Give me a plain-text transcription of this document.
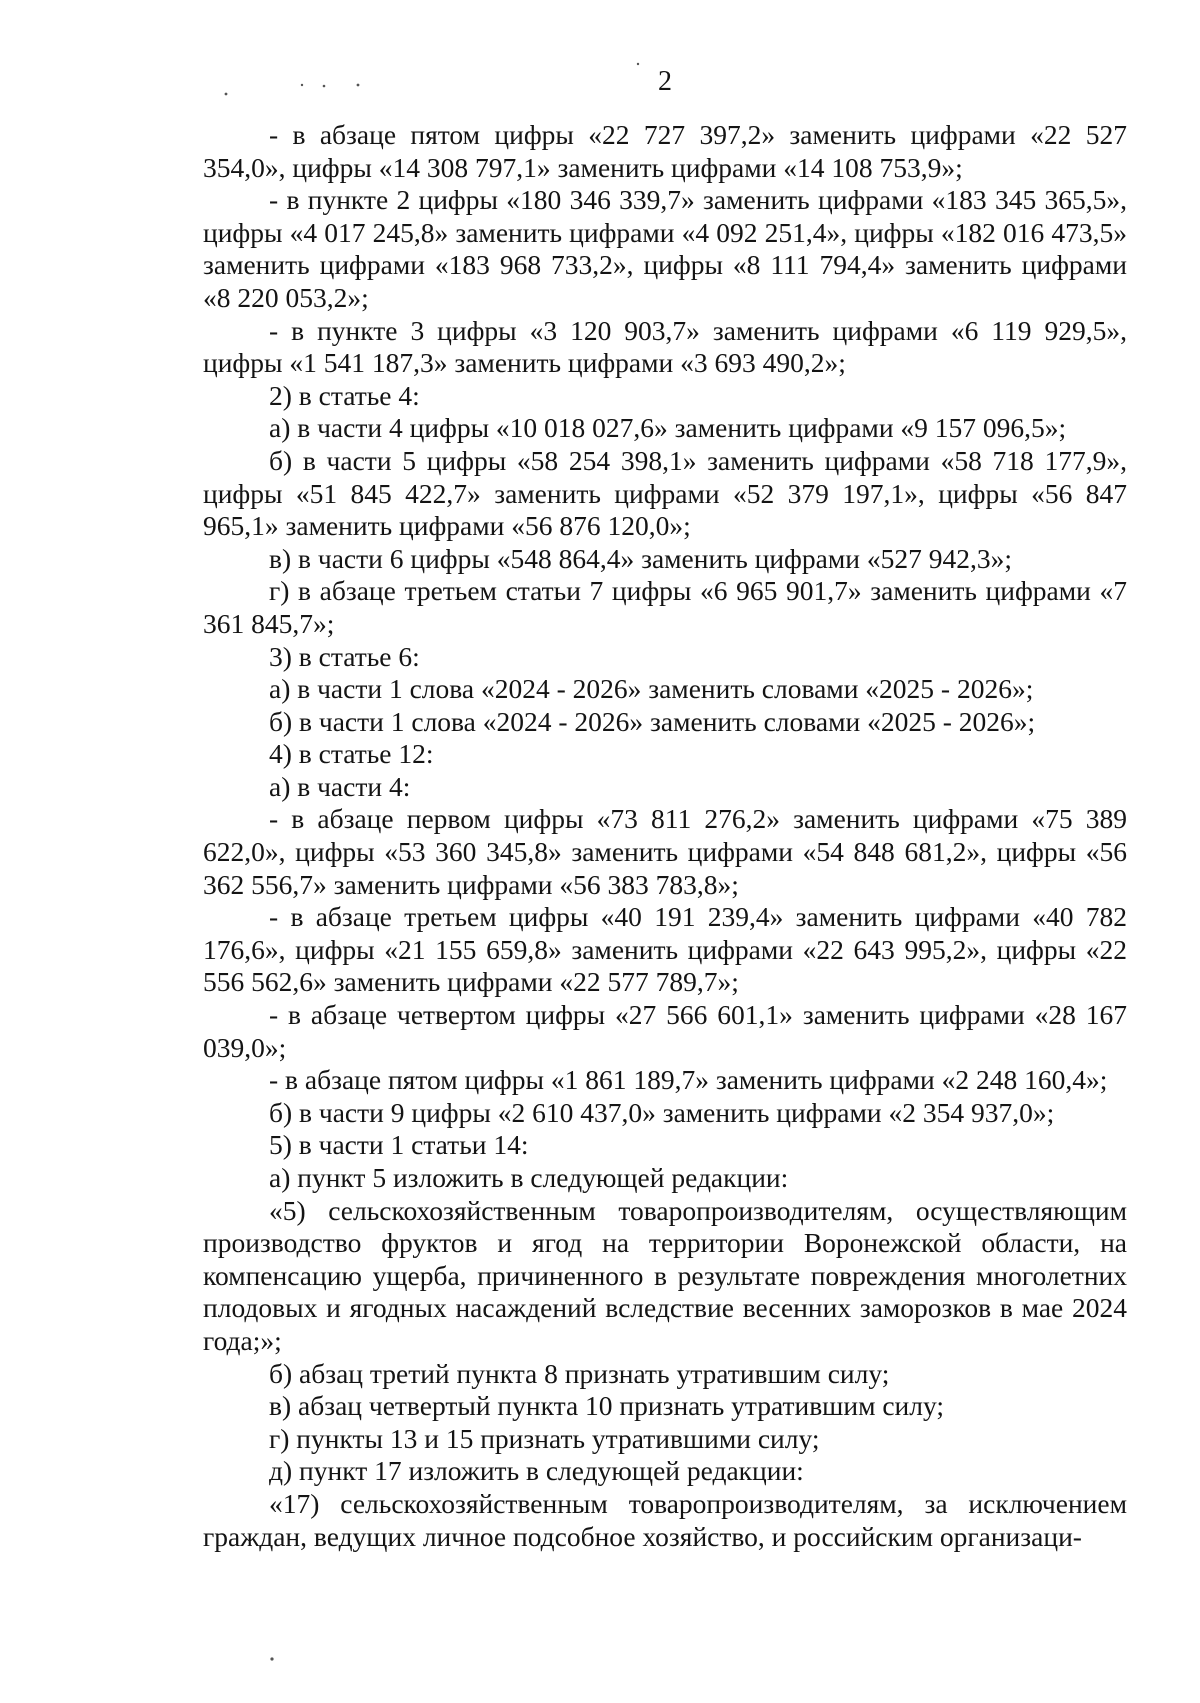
2

- в абзаце пятом цифры «22 727 397,2» заменить цифрами «22 527 354,0», цифры «14 308 797,1» заменить цифрами «14 108 753,9»;

- в пункте 2 цифры «180 346 339,7» заменить цифрами «183 345 365,5», цифры «4 017 245,8» заменить цифрами «4 092 251,4», цифры «182 016 473,5» заменить цифрами «183 968 733,2», цифры «8 111 794,4» заменить цифрами «8 220 053,2»;

- в пункте 3 цифры «3 120 903,7» заменить цифрами «6 119 929,5», цифры «1 541 187,3» заменить цифрами «3 693 490,2»;

2) в статье 4:

а) в части 4 цифры «10 018 027,6» заменить цифрами «9 157 096,5»;

б) в части 5 цифры «58 254 398,1» заменить цифрами «58 718 177,9», цифры «51 845 422,7» заменить цифрами «52 379 197,1», цифры «56 847 965,1» заменить цифрами «56 876 120,0»;

в) в части 6 цифры «548 864,4» заменить цифрами «527 942,3»;

г) в абзаце третьем статьи 7 цифры «6 965 901,7» заменить цифрами «7 361 845,7»;

3) в статье 6:

а) в части 1 слова «2024 - 2026» заменить словами «2025 - 2026»;

б) в части 1 слова «2024 - 2026» заменить словами «2025 - 2026»;

4) в статье 12:

а) в части 4:

- в абзаце первом цифры «73 811 276,2» заменить цифрами «75 389 622,0», цифры «53 360 345,8» заменить цифрами «54 848 681,2», цифры «56 362 556,7» заменить цифрами «56 383 783,8»;

- в абзаце третьем цифры «40 191 239,4» заменить цифрами «40 782 176,6», цифры «21 155 659,8» заменить цифрами «22 643 995,2», цифры «22 556 562,6» заменить цифрами «22 577 789,7»;

- в абзаце четвертом цифры «27 566 601,1» заменить цифрами «28 167 039,0»;

- в абзаце пятом цифры «1 861 189,7» заменить цифрами «2 248 160,4»;

б) в части 9 цифры «2 610 437,0» заменить цифрами «2 354 937,0»;

5) в части 1 статьи 14:

а) пункт 5 изложить в следующей редакции:

«5) сельскохозяйственным товаропроизводителям, осуществляющим производство фруктов и ягод на территории Воронежской области, на компенсацию ущерба, причиненного в результате повреждения многолетних плодовых и ягодных насаждений вследствие весенних заморозков в мае 2024 года;»;

б) абзац третий пункта 8 признать утратившим силу;

в) абзац четвертый пункта 10 признать утратившим силу;

г) пункты 13 и 15 признать утратившими силу;

д) пункт 17 изложить в следующей редакции:

«17) сельскохозяйственным товаропроизводителям, за исключением граждан, ведущих личное подсобное хозяйство, и российским организаци-
